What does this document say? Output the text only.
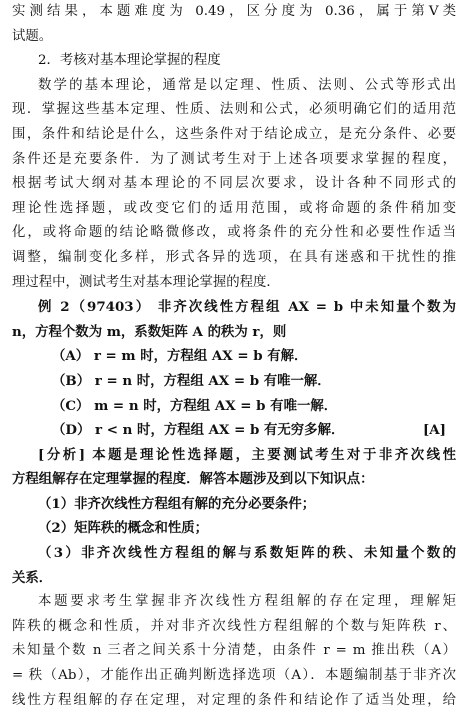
实测结果，本题难度为 0.49，区分度为 0.36，属于第Ⅴ类
试题。
2．考核对基本理论掌握的程度
数学的基本理论，通常是以定理、性质、法则、公式等形式出
现．掌握这些基本定理、性质、法则和公式，必须明确它们的适用范
围，条件和结论是什么，这些条件对于结论成立，是充分条件、必要
条件还是充要条件．为了测试考生对于上述各项要求掌握的程度，
根据考试大纲对基本理论的不同层次要求，设计各种不同形式的
理论性选择题，或改变它们的适用范围，或将命题的条件稍加变
化，或将命题的结论略微修改，或将条件的充分性和必要性作适当
调整，编制变化多样，形式各异的选项，在具有迷惑和干扰性的推
理过程中，测试考生对基本理论掌握的程度．
例 2（97403） 非齐次线性方程组 AX = b 中未知量个数为
n，方程个数为 m，系数矩阵 A 的秩为 r，则
（A） r = m 时，方程组 AX = b 有解．
（B） r = n 时，方程组 AX = b 有唯一解．
（C） m = n 时，方程组 AX = b 有唯一解．
（D） r < n 时，方程组 AX = b 有无穷多解．	[A]
[分析] 本题是理论性选择题，主要测试考生对于非齐次线性
方程组解存在定理掌握的程度．解答本题涉及到以下知识点：
（1）非齐次线性方程组有解的充分必要条件；
（2）矩阵秩的概念和性质；
（3）非齐次线性方程组的解与系数矩阵的秩、未知量个数的
关系．
本题要求考生掌握非齐次线性方程组解的存在定理，理解矩
阵秩的概念和性质，并对非齐次线性方程组解的个数与矩阵秩 r、
未知量个数 n 三者之间关系十分清楚，由条件 r = m 推出秩（A）
= 秩（Ab），才能作出正确判断选择选项（A）．本题编制基于非齐次
线性方程组解的存在定理，对定理的条件和结论作了适当处理，给
